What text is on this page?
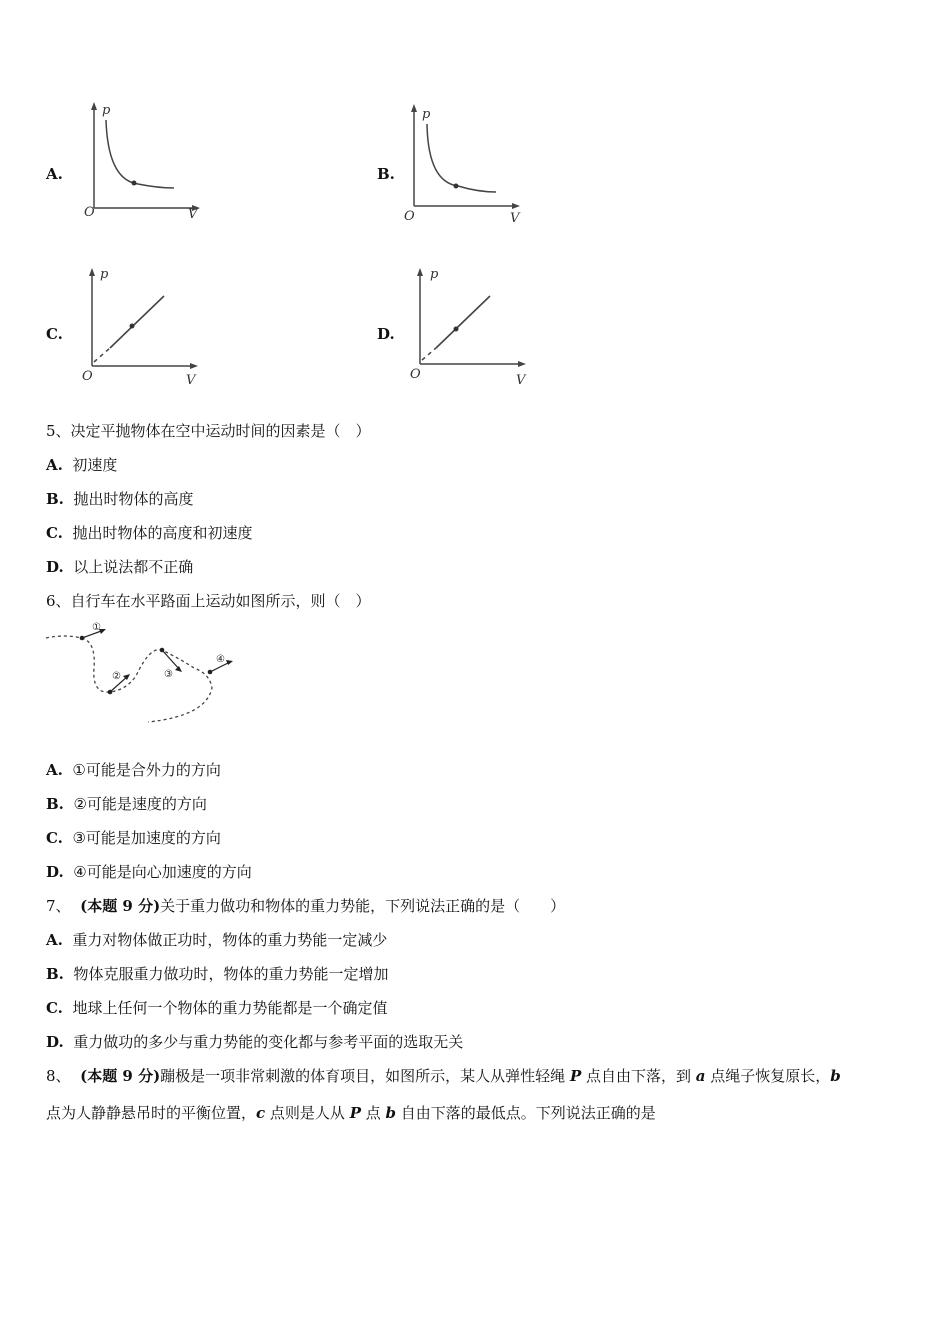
A.
p
O	V
B.
p
O	V
C.
p
O	V
D.
p
O	V
5、决定平抛物体在空中运动时间的因素是（　）
A. 初速度
B. 抛出时物体的高度
C. 抛出时物体的高度和初速度
D. 以上说法都不正确
6、自行车在水平路面上运动如图所示，则（　）
①
②	③
④
A. ①可能是合外力的方向
B. ②可能是速度的方向
C. ③可能是加速度的方向
D. ④可能是向心加速度的方向
7、 (本题 9 分)关于重力做功和物体的重力势能，下列说法正确的是（　　）
A. 重力对物体做正功时，物体的重力势能一定减少
B. 物体克服重力做功时，物体的重力势能一定增加
C. 地球上任何一个物体的重力势能都是一个确定值
D. 重力做功的多少与重力势能的变化都与参考平面的选取无关
8、 (本题 9 分)蹦极是一项非常刺激的体育项目，如图所示，某人从弹性轻绳 P 点自由下落，到 a 点绳子恢复原长，b
点为人静静悬吊时的平衡位置，c 点则是人从 P 点 b 自由下落的最低点。下列说法正确的是
